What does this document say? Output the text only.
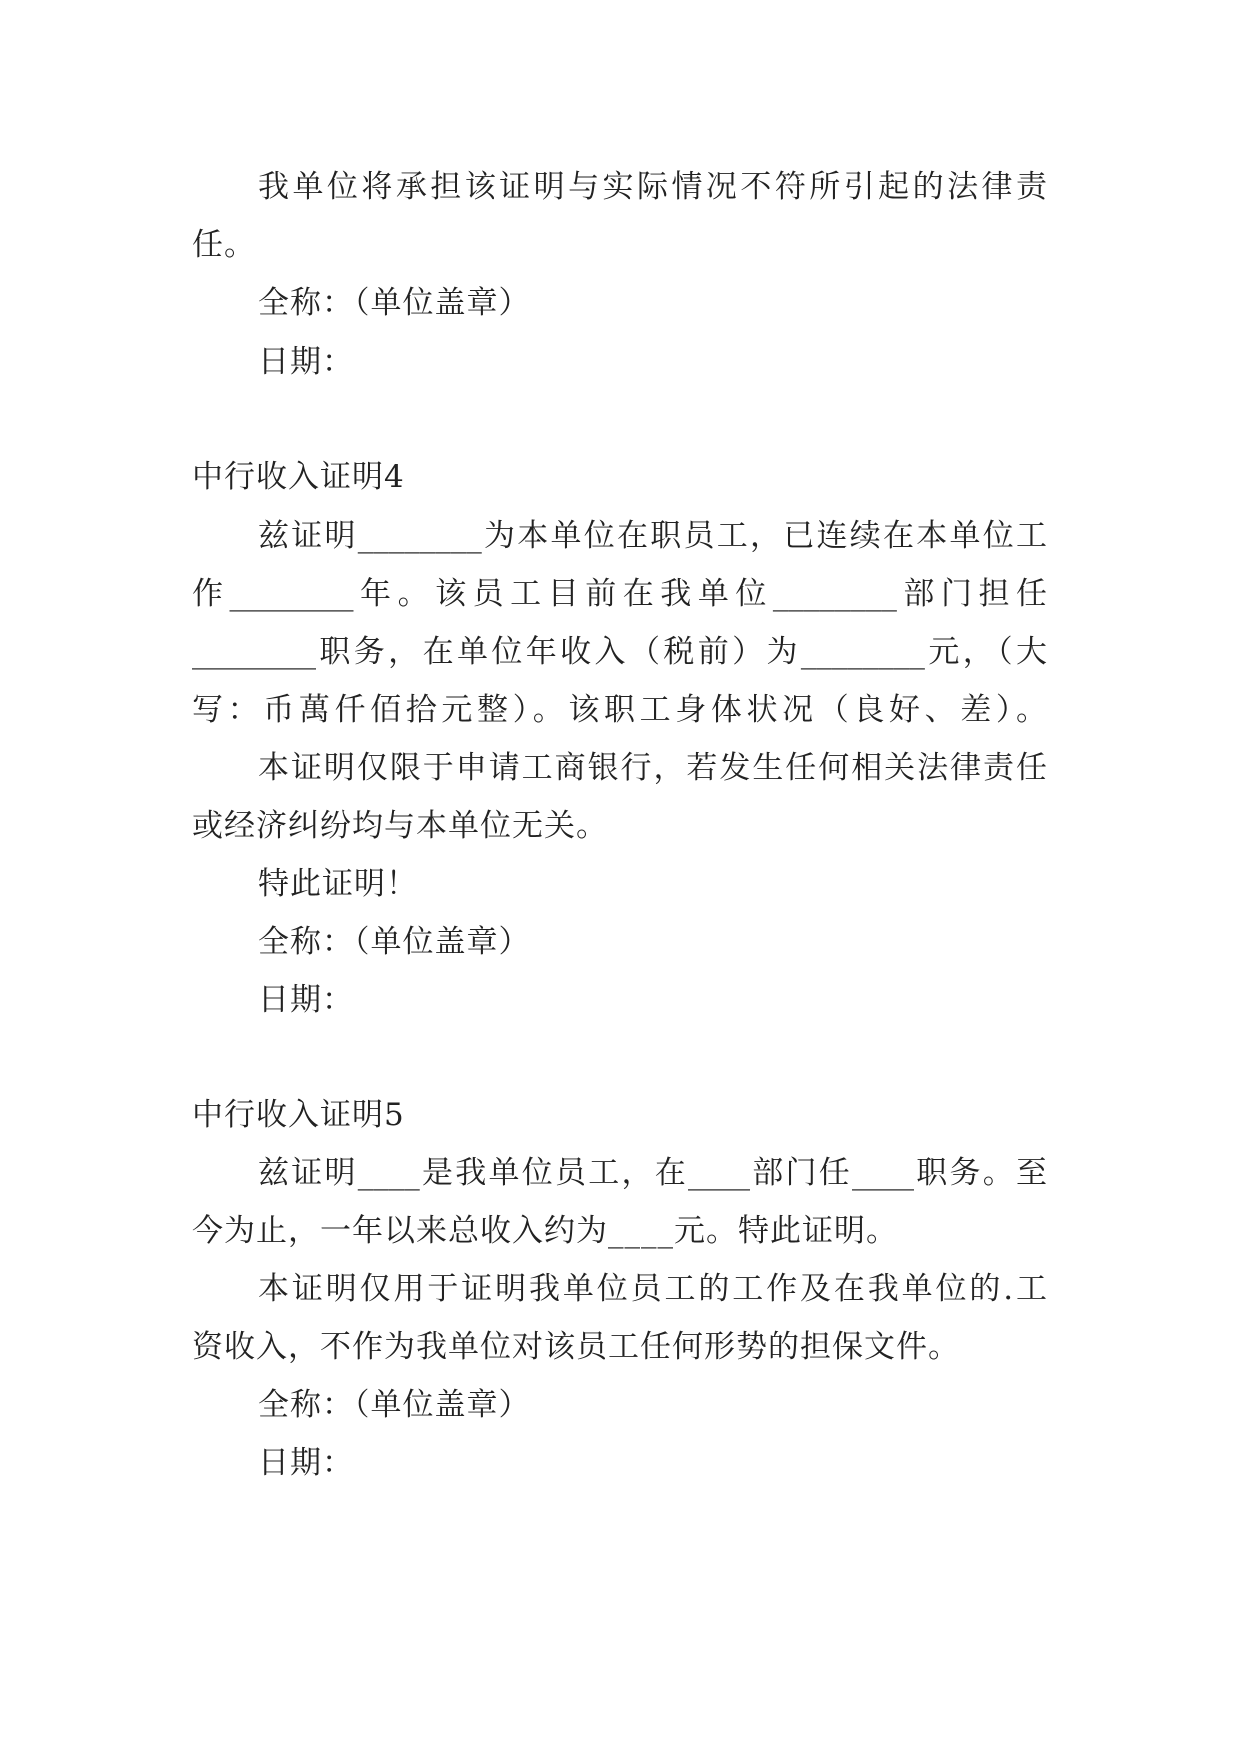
我单位将承担该证明与实际情况不符所引起的法律责
任。
全称：（单位盖章）
日期：
中行收入证明4
兹证明________为本单位在职员工，已连续在本单位工
作________年。该员工目前在我单位________部门担任
________职务，在单位年收入（税前）为________元，（大
写：币萬仟佰拾元整）。该职工身体状况（良好、差）。
本证明仅限于申请工商银行，若发生任何相关法律责任
或经济纠纷均与本单位无关。
特此证明！
全称：（单位盖章）
日期：
中行收入证明5
兹证明____是我单位员工，在____部门任____职务。至
今为止，一年以来总收入约为____元。特此证明。
本证明仅用于证明我单位员工的工作及在我单位的.工
资收入，不作为我单位对该员工任何形势的担保文件。
全称：（单位盖章）
日期：
